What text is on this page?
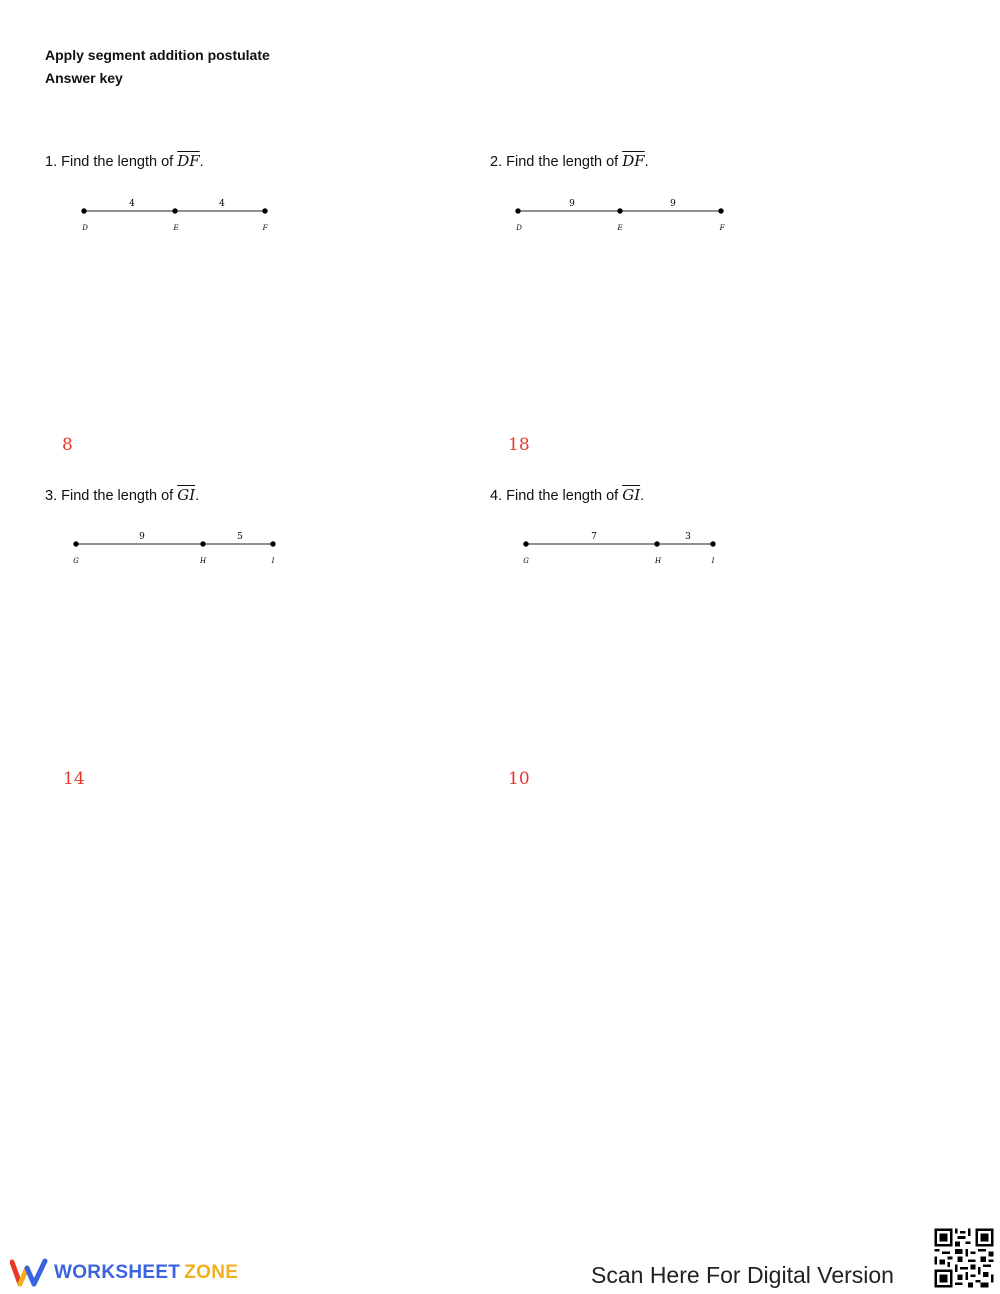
Apply segment addition postulate
Answer key
1. Find the length of $\overline{DF}$.
4	4
D	E	F
8
2. Find the length of $\overline{DF}$.
9	9
D	E	F
18
3. Find the length of $\overline{GI}$.
9	5
G	H	I
14
4. Find the length of $\overline{GI}$.
7	3
G	H	I
10
WORKSHEET ZONE	Scan Here For Digital Version
